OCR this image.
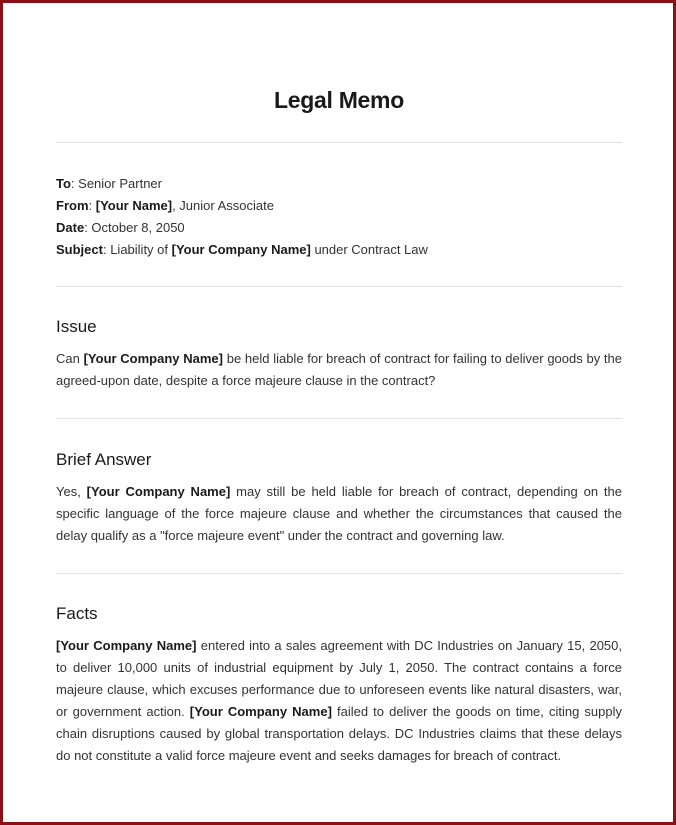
Legal Memo
To: Senior Partner
From: [Your Name], Junior Associate
Date: October 8, 2050
Subject: Liability of [Your Company Name] under Contract Law
Issue
Can [Your Company Name] be held liable for breach of contract for failing to deliver goods by the agreed-upon date, despite a force majeure clause in the contract?
Brief Answer
Yes, [Your Company Name] may still be held liable for breach of contract, depending on the specific language of the force majeure clause and whether the circumstances that caused the delay qualify as a "force majeure event" under the contract and governing law.
Facts
[Your Company Name] entered into a sales agreement with DC Industries on January 15, 2050, to deliver 10,000 units of industrial equipment by July 1, 2050. The contract contains a force majeure clause, which excuses performance due to unforeseen events like natural disasters, war, or government action. [Your Company Name] failed to deliver the goods on time, citing supply chain disruptions caused by global transportation delays. DC Industries claims that these delays do not constitute a valid force majeure event and seeks damages for breach of contract.
